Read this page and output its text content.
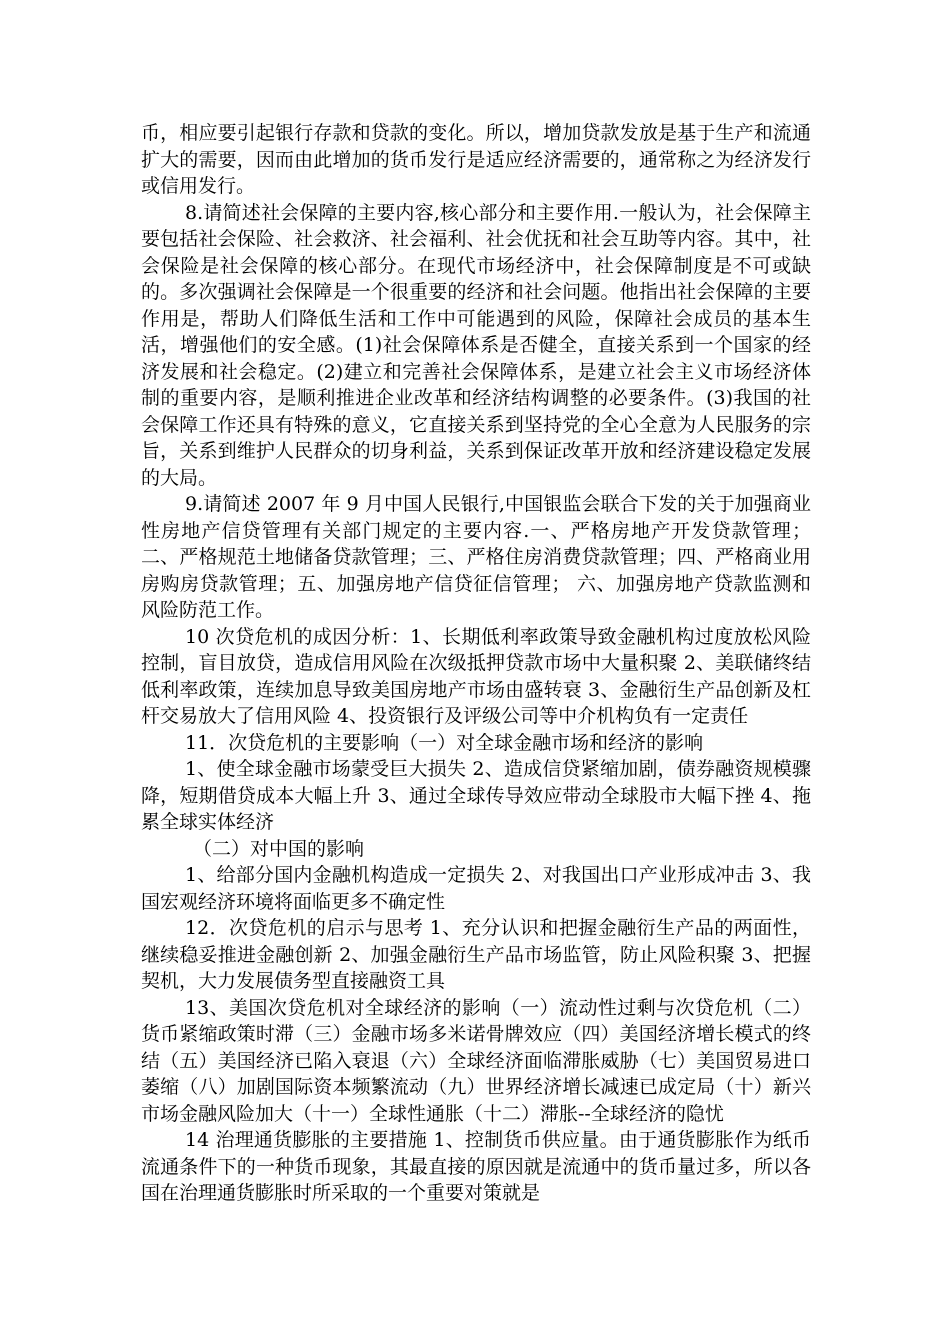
币，相应要引起银行存款和贷款的变化。所以，增加贷款发放是基于生产和流通扩大的需要，因而由此增加的货币发行是适应经济需要的，通常称之为经济发行或信用发行。

8.请简述社会保障的主要内容,核心部分和主要作用.一般认为，社会保障主要包括社会保险、社会救济、社会福利、社会优抚和社会互助等内容。其中，社会保险是社会保障的核心部分。在现代市场经济中，社会保障制度是不可或缺的。多次强调社会保障是一个很重要的经济和社会问题。他指出社会保障的主要作用是，帮助人们降低生活和工作中可能遇到的风险，保障社会成员的基本生活，增强他们的安全感。(1)社会保障体系是否健全，直接关系到一个国家的经济发展和社会稳定。(2)建立和完善社会保障体系，是建立社会主义市场经济体制的重要内容，是顺利推进企业改革和经济结构调整的必要条件。(3)我国的社会保障工作还具有特殊的意义，它直接关系到坚持党的全心全意为人民服务的宗旨，关系到维护人民群众的切身利益，关系到保证改革开放和经济建设稳定发展的大局。

9.请简述 2007 年 9 月中国人民银行,中国银监会联合下发的关于加强商业性房地产信贷管理有关部门规定的主要内容.一、严格房地产开发贷款管理；二、严格规范土地储备贷款管理；三、严格住房消费贷款管理；四、严格商业用房购房贷款管理；五、加强房地产信贷征信管理； 六、加强房地产贷款监测和风险防范工作。

10 次贷危机的成因分析：1、长期低利率政策导致金融机构过度放松风险控制，盲目放贷，造成信用风险在次级抵押贷款市场中大量积聚 2、美联储终结低利率政策，连续加息导致美国房地产市场由盛转衰 3、金融衍生产品创新及杠杆交易放大了信用风险 4、投资银行及评级公司等中介机构负有一定责任

11．次贷危机的主要影响（一）对全球金融市场和经济的影响

1、使全球金融市场蒙受巨大损失 2、造成信贷紧缩加剧，债券融资规模骤降，短期借贷成本大幅上升 3、通过全球传导效应带动全球股市大幅下挫 4、拖累全球实体经济

（二）对中国的影响

1、给部分国内金融机构造成一定损失 2、对我国出口产业形成冲击 3、我国宏观经济环境将面临更多不确定性

12．次贷危机的启示与思考 1、充分认识和把握金融衍生产品的两面性，继续稳妥推进金融创新 2、加强金融衍生产品市场监管，防止风险积聚 3、把握契机，大力发展债务型直接融资工具

13、美国次贷危机对全球经济的影响（一）流动性过剩与次贷危机（二）货币紧缩政策时滞（三）金融市场多米诺骨牌效应（四）美国经济增长模式的终结（五）美国经济已陷入衰退（六）全球经济面临滞胀威胁（七）美国贸易进口萎缩（八）加剧国际资本频繁流动（九）世界经济增长减速已成定局（十）新兴市场金融风险加大（十一）全球性通胀（十二）滞胀--全球经济的隐忧

14 治理通货膨胀的主要措施 1、控制货币供应量。由于通货膨胀作为纸币流通条件下的一种货币现象，其最直接的原因就是流通中的货币量过多，所以各国在治理通货膨胀时所采取的一个重要对策就是
